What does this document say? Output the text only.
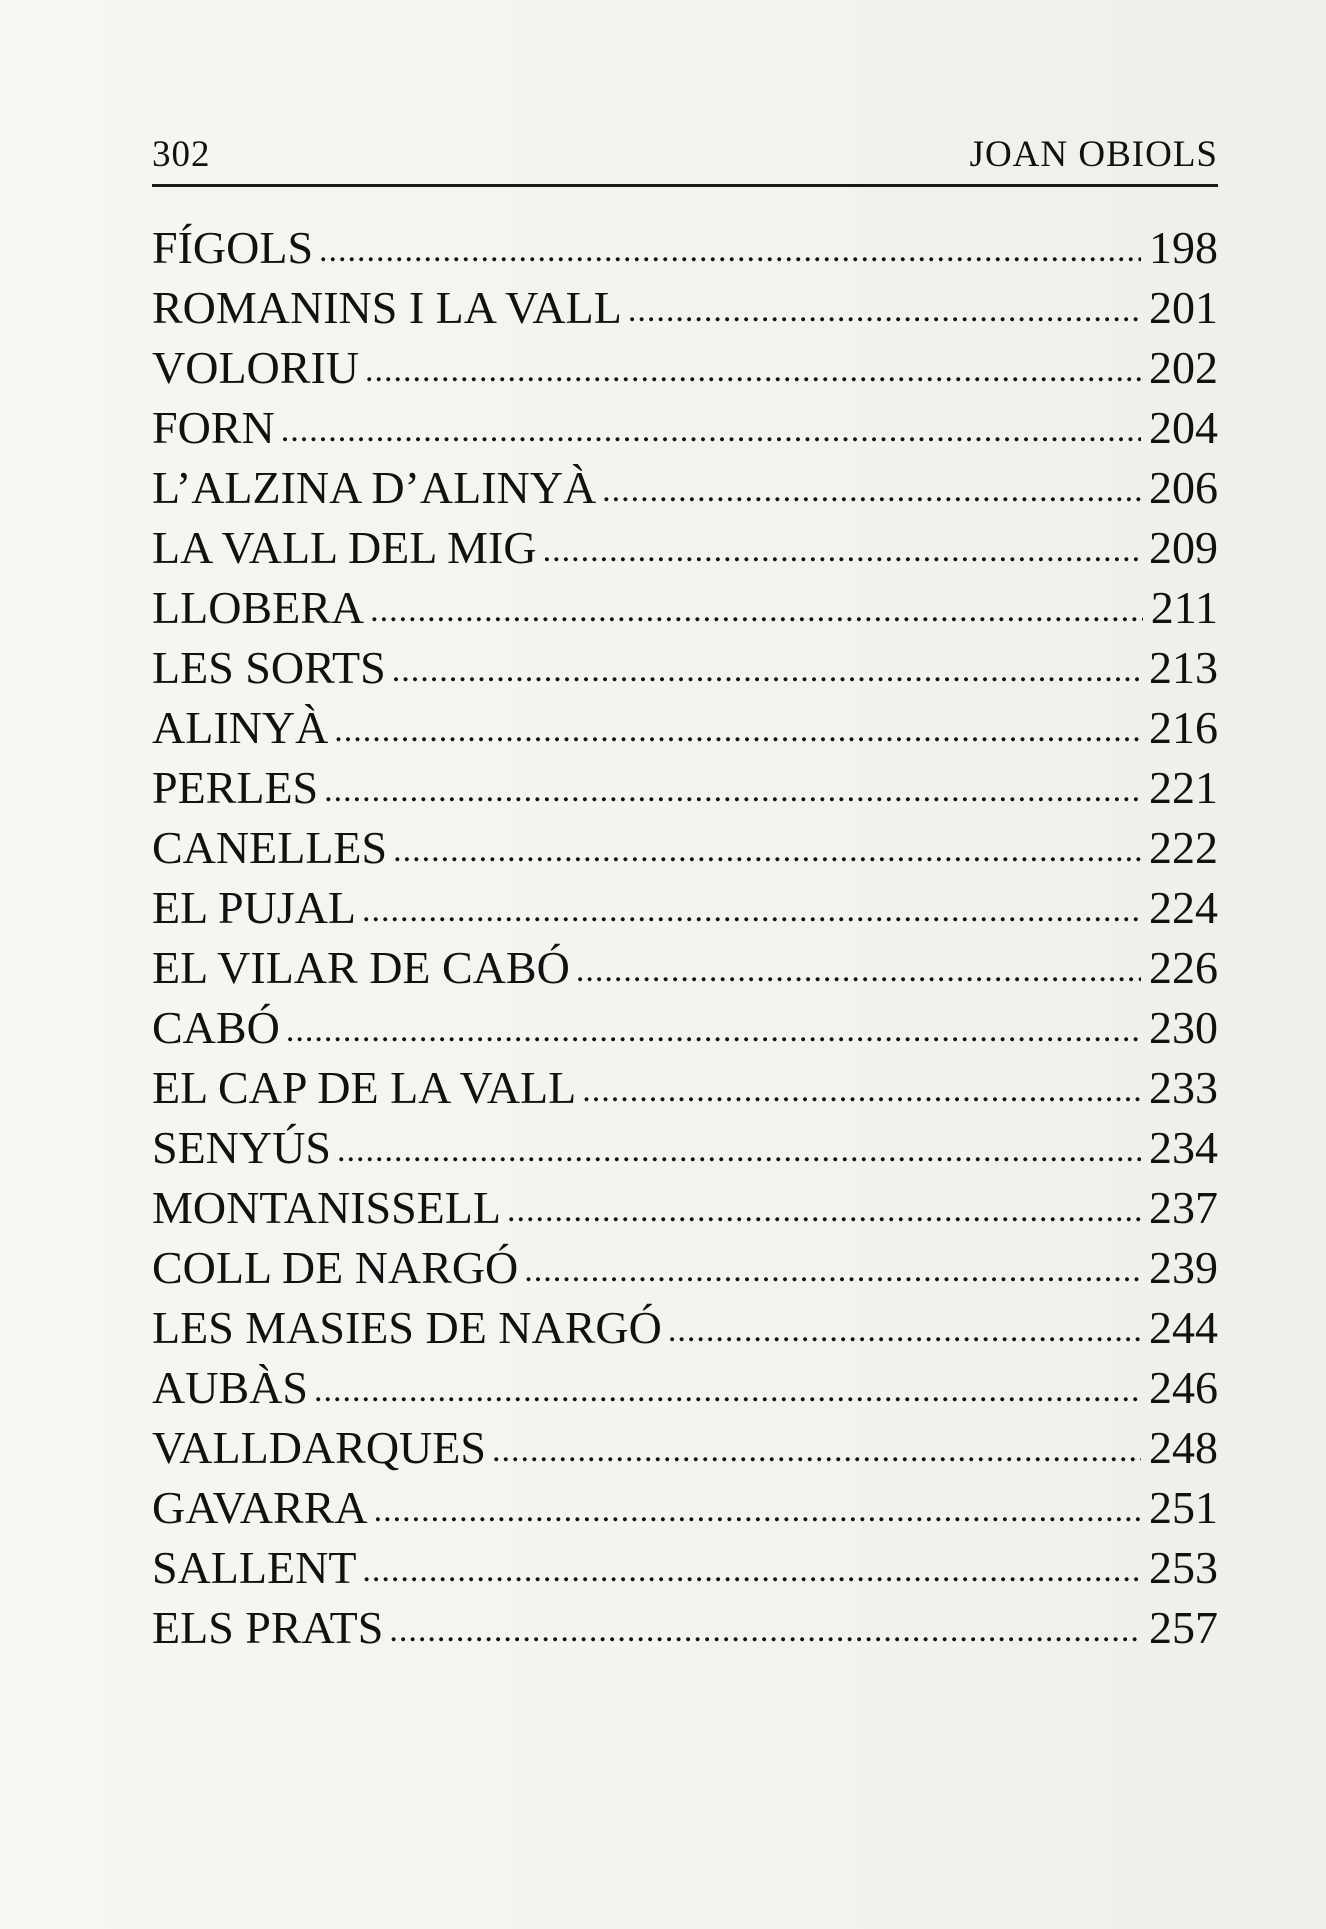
302	JOAN OBIOLS
FÍGOLS .....	198
ROMANINS I LA VALL .....	201
VOLORIU .....	202
FORN .....	204
L’ALZINA D’ALINYÀ .....	206
LA VALL DEL MIG .....	209
LLOBERA .....	211
LES SORTS .....	213
ALINYÀ .....	216
PERLES .....	221
CANELLES .....	222
EL PUJAL .....	224
EL VILAR DE CABÓ .....	226
CABÓ .....	230
EL CAP DE LA VALL .....	233
SENYÚS .....	234
MONTANISSELL .....	237
COLL DE NARGÓ .....	239
LES MASIES DE NARGÓ .....	244
AUBÀS .....	246
VALLDARQUES .....	248
GAVARRA .....	251
SALLENT .....	253
ELS PRATS .....	257
